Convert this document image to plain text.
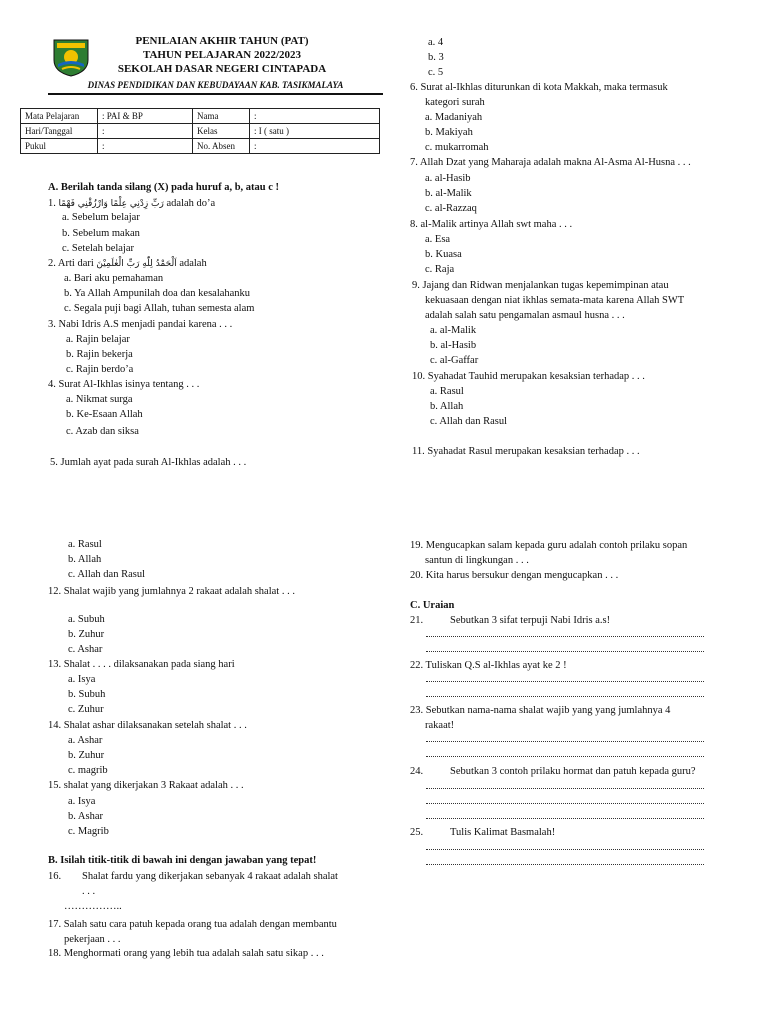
PENILAIAN AKHIR TAHUN (PAT)
TAHUN PELAJARAN 2022/2023
SEKOLAH DASAR NEGERI CINTAPADA
DINAS PENDIDIKAN DAN KEBUDAYAAN KAB. TASIKMALAYA
Mata Pelajaran	: PAI & BP	Nama	:
Hari/Tanggal	:	Kelas	: I ( satu )
Pukul	:	No. Absen	:
A. Berilah tanda silang (X) pada huruf a, b, atau c !
1. رَبِّ زِدْنِي عِلْمًا وَارْزُقْنِي فَهْمًا adalah do’a
a. Sebelum belajar
b. Sebelum makan
c. Setelah belajar
2. Arti dari اَلْحَمْدُ لِلّٰهِ رَبِّ الْعٰلَمِيْنَ adalah
a. Bari aku pemahaman
b. Ya Allah Ampunilah doa dan kesalahanku
c. Segala puji bagi Allah, tuhan semesta alam
3. Nabi Idris A.S menjadi pandai karena . . .
a. Rajin belajar
b. Rajin bekerja
c. Rajin berdo’a
4. Surat Al-Ikhlas isinya tentang . . .
a. Nikmat surga
b. Ke-Esaan Allah
c. Azab dan siksa
5. Jumlah ayat pada surah Al-Ikhlas adalah . . .
a. 4
b. 3
c. 5
6. Surat al-Ikhlas diturunkan di kota Makkah, maka termasuk
kategori surah
a. Madaniyah
b. Makiyah
c. mukarromah
7. Allah Dzat yang Maharaja adalah makna Al-Asma Al-Husna . . .
a. al-Hasib
b. al-Malik
c. al-Razzaq
8. al-Malik artinya Allah swt maha . . .
a. Esa
b. Kuasa
c. Raja
9. Jajang dan Ridwan menjalankan tugas kepemimpinan atau
kekuasaan dengan niat ikhlas semata-mata karena Allah SWT
adalah salah satu pengamalan asmaul husna . . .
a. al-Malik
b. al-Hasib
c. al-Gaffar
10. Syahadat Tauhid merupakan kesaksian terhadap . . .
a. Rasul
b. Allah
c. Allah dan Rasul
11. Syahadat Rasul merupakan kesaksian terhadap . . .
a. Rasul
b. Allah
c. Allah dan Rasul
12. Shalat wajib yang jumlahnya 2 rakaat adalah shalat . . .
a. Subuh
b. Zuhur
c. Ashar
13. Shalat . . . . dilaksanakan pada siang hari
a. Isya
b. Subuh
c. Zuhur
14. Shalat ashar dilaksanakan setelah shalat . . .
a. Ashar
b. Zuhur
c. magrib
15. shalat yang dikerjakan 3 Rakaat adalah . . .
a. Isya
b. Ashar
c. Magrib
B. Isilah titik-titik di bawah ini dengan jawaban yang tepat!
16. Shalat fardu yang dikerjakan sebanyak 4 rakaat adalah shalat
. . .
……………..
17. Salah satu cara patuh kepada orang tua adalah dengan membantu
pekerjaan . . .
18. Menghormati orang yang lebih tua adalah salah satu sikap . . .
19. Mengucapkan salam kepada guru adalah contoh prilaku sopan
santun di lingkungan . . .
20. Kita harus bersukur dengan mengucapkan . . .
C. Uraian
21.	Sebutkan 3 sifat terpuji Nabi Idris a.s!
22. Tuliskan Q.S al-Ikhlas ayat ke 2 !
23. Sebutkan nama-nama shalat wajib yang yang jumlahnya 4
rakaat!
24.	Sebutkan 3 contoh prilaku hormat dan patuh kepada guru?
25.	Tulis Kalimat Basmalah!
